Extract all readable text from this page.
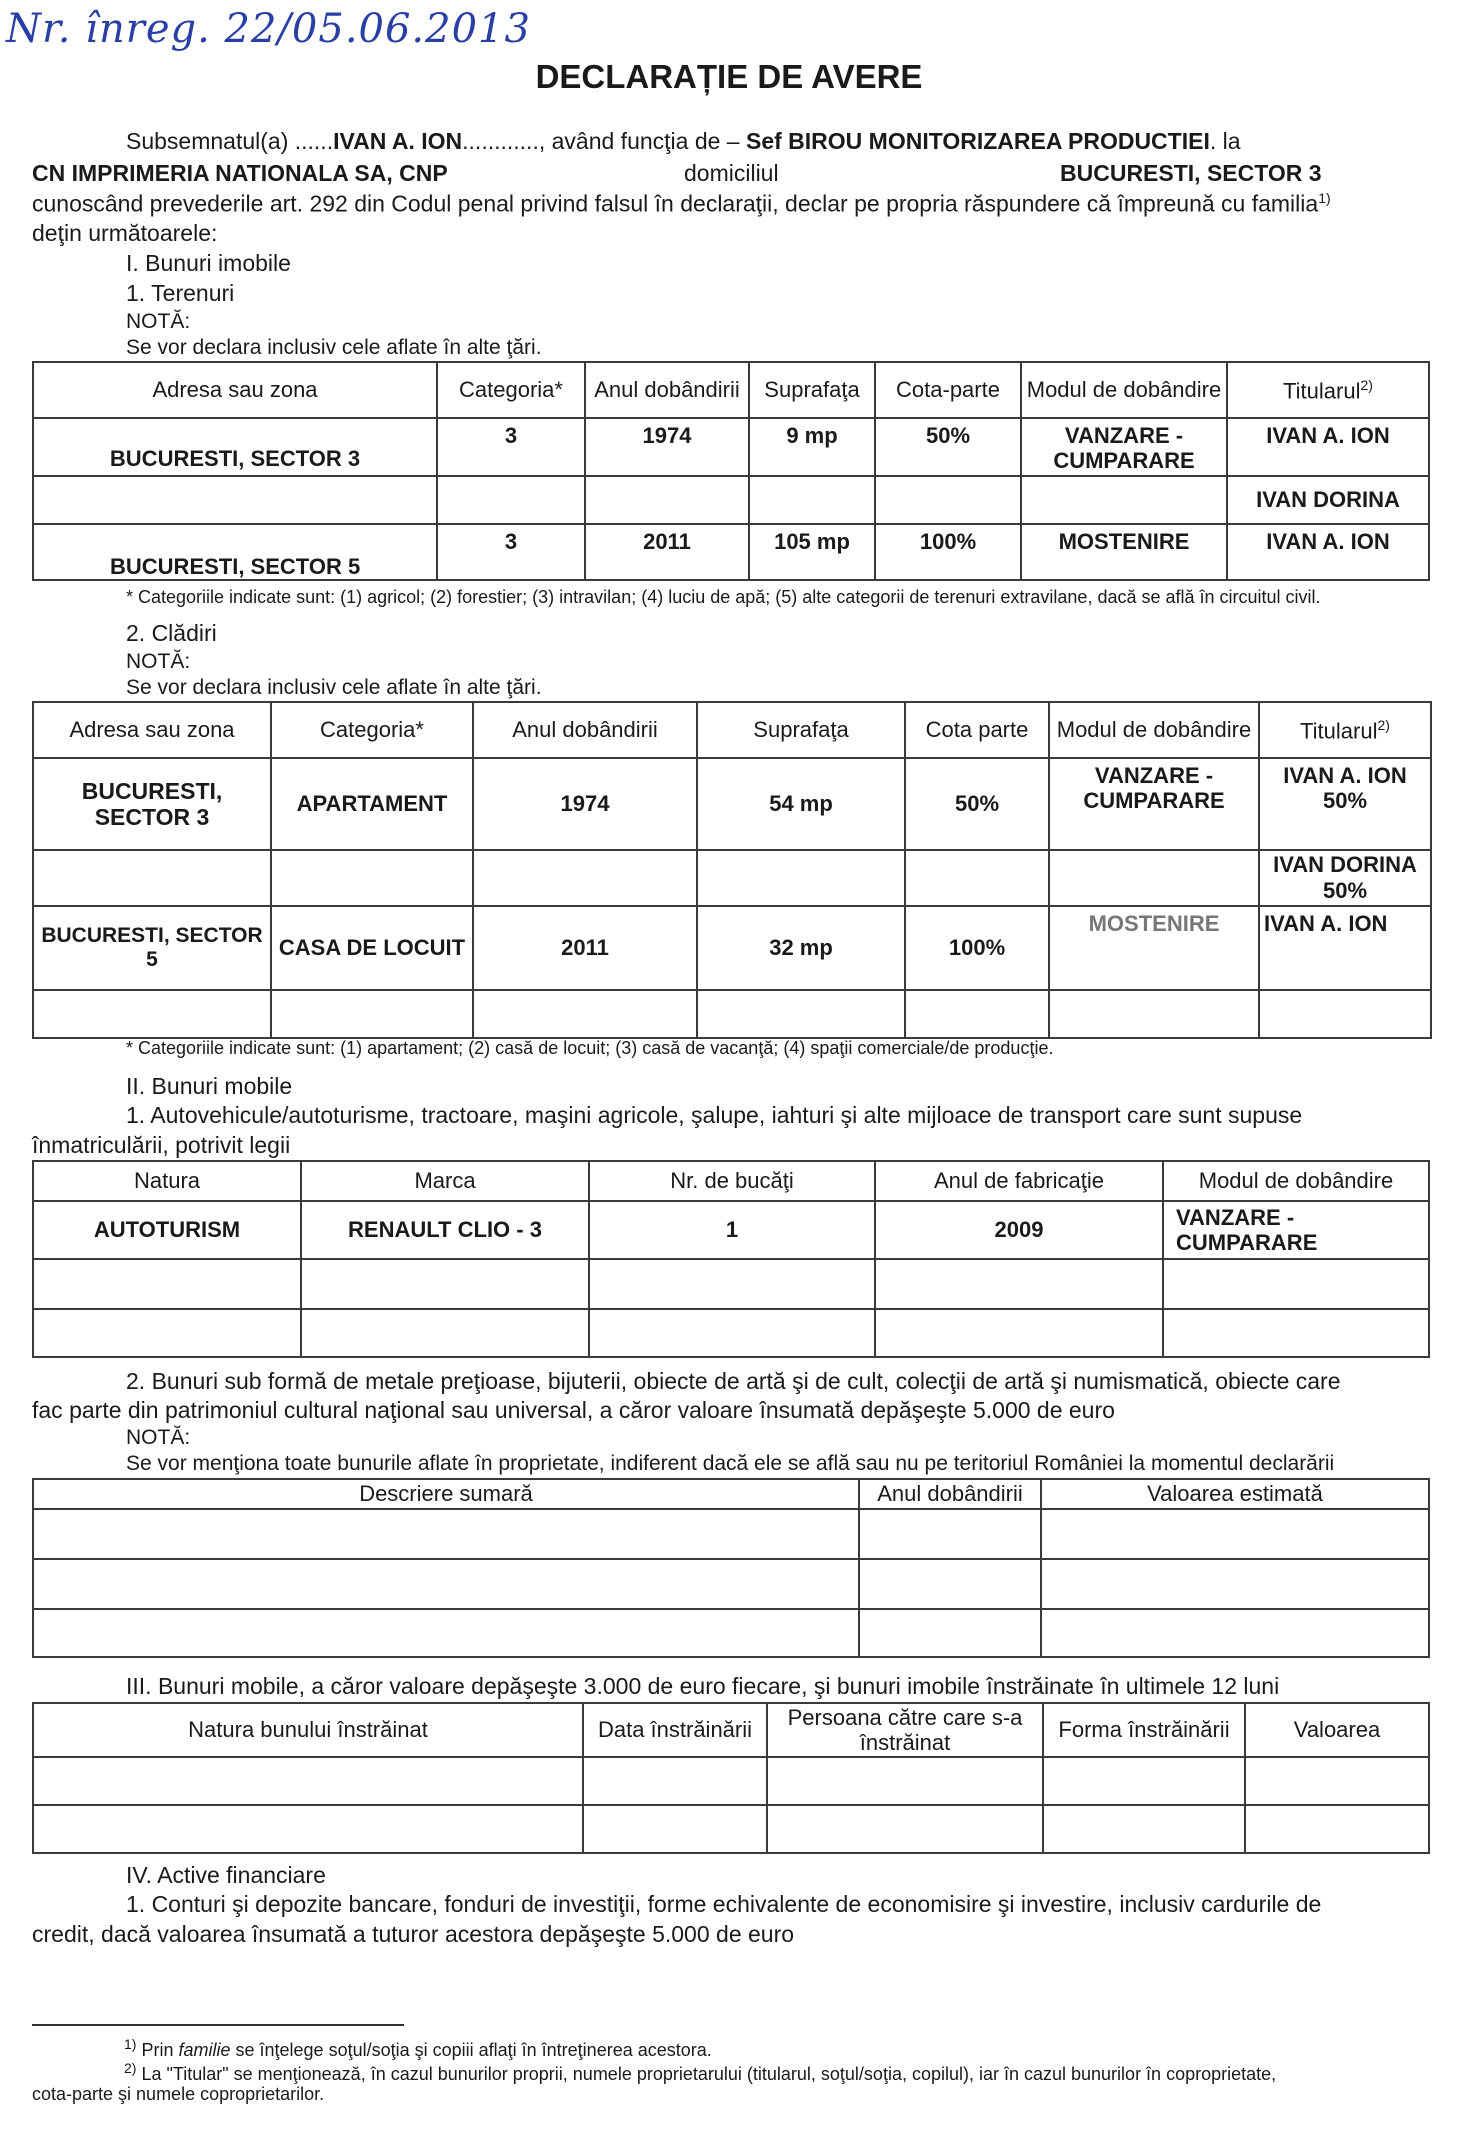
Nr. înreg. 22/05.06.2013
DECLARAȚIE DE AVERE
Subsemnatul(a) ......IVAN A. ION............, având funcţia de – Sef BIROU MONITORIZAREA PRODUCTIEI. la
CN IMPRIMERIA NATIONALA SA, CNP	domiciliul	BUCURESTI, SECTOR 3
cunoscând prevederile art. 292 din Codul penal privind falsul în declaraţii, declar pe propria răspundere că împreună cu familia$^{1)}$
deţin următoarele:
I. Bunuri imobile
1. Terenuri
NOTĂ:
Se vor declara inclusiv cele aflate în alte ţări.
Adresa sau zona	Categoria*	Anul dobândirii	Suprafaţa	Cota-parte	Modul de dobândire	Titularul$^{2)}$
BUCURESTI, SECTOR 3	3	1974	9 mp	50%	VANZARE - CUMPARARE	IVAN A. ION
						IVAN DORINA
BUCURESTI, SECTOR 5	3	2011	105 mp	100%	MOSTENIRE	IVAN A. ION
* Categoriile indicate sunt: (1) agricol; (2) forestier; (3) intravilan; (4) luciu de apă; (5) alte categorii de terenuri extravilane, dacă se află în circuitul civil.
2. Clădiri
NOTĂ:
Se vor declara inclusiv cele aflate în alte ţări.
Adresa sau zona	Categoria*	Anul dobândirii	Suprafaţa	Cota parte	Modul de dobândire	Titularul$^{2)}$
BUCURESTI, SECTOR 3	APARTAMENT	1974	54 mp	50%	VANZARE - CUMPARARE	IVAN A. ION 50%
						IVAN DORINA 50%
BUCURESTI, SECTOR 5	CASA DE LOCUIT	2011	32 mp	100%	MOSTENIRE	IVAN A. ION

* Categoriile indicate sunt: (1) apartament; (2) casă de locuit; (3) casă de vacanţă; (4) spaţii comerciale/de producţie.
II. Bunuri mobile
1. Autovehicule/autoturisme, tractoare, maşini agricole, şalupe, iahturi şi alte mijloace de transport care sunt supuse
înmatriculării, potrivit legii
Natura	Marca	Nr. de bucăţi	Anul de fabricaţie	Modul de dobândire
AUTOTURISM	RENAULT CLIO - 3	1	2009	VANZARE - CUMPARARE

2. Bunuri sub formă de metale preţioase, bijuterii, obiecte de artă şi de cult, colecţii de artă şi numismatică, obiecte care
fac parte din patrimoniul cultural naţional sau universal, a căror valoare însumată depăşeşte 5.000 de euro
NOTĂ:
Se vor menţiona toate bunurile aflate în proprietate, indiferent dacă ele se află sau nu pe teritoriul României la momentul declarării
Descriere sumară	Anul dobândirii	Valoarea estimată

III. Bunuri mobile, a căror valoare depăşeşte 3.000 de euro fiecare, şi bunuri imobile înstrăinate în ultimele 12 luni
Natura bunului înstrăinat	Data înstrăinării	Persoana către care s-a înstrăinat	Forma înstrăinării	Valoarea

IV. Active financiare
1. Conturi şi depozite bancare, fonduri de investiţii, forme echivalente de economisire şi investire, inclusiv cardurile de
credit, dacă valoarea însumată a tuturor acestora depăşeşte 5.000 de euro
$^{1)}$ Prin familie se înţelege soţul/soţia şi copiii aflaţi în întreţinerea acestora.
$^{2)}$ La "Titular" se menţionează, în cazul bunurilor proprii, numele proprietarului (titularul, soţul/soţia, copilul), iar în cazul bunurilor în coproprietate,
cota-parte şi numele coproprietarilor.
